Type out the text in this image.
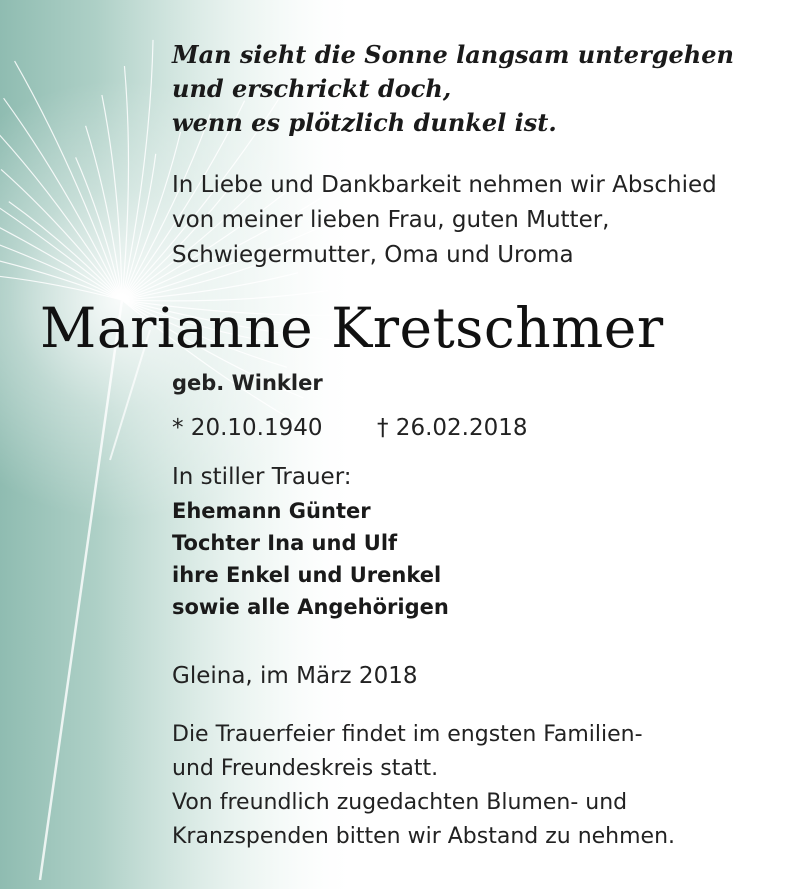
Man sieht die Sonne langsam untergehen
und erschrickt doch,
wenn es plötzlich dunkel ist.
In Liebe und Dankbarkeit nehmen wir Abschied
von meiner lieben Frau, guten Mutter,
Schwiegermutter, Oma und Uroma
Marianne Kretschmer
geb. Winkler
* 20.10.1940 † 26.02.2018
In stiller Trauer:
Ehemann Günter
Tochter Ina und Ulf
ihre Enkel und Urenkel
sowie alle Angehörigen
Gleina, im März 2018
Die Trauerfeier findet im engsten Familien-
und Freundeskreis statt.
Von freundlich zugedachten Blumen- und
Kranzspenden bitten wir Abstand zu nehmen.
